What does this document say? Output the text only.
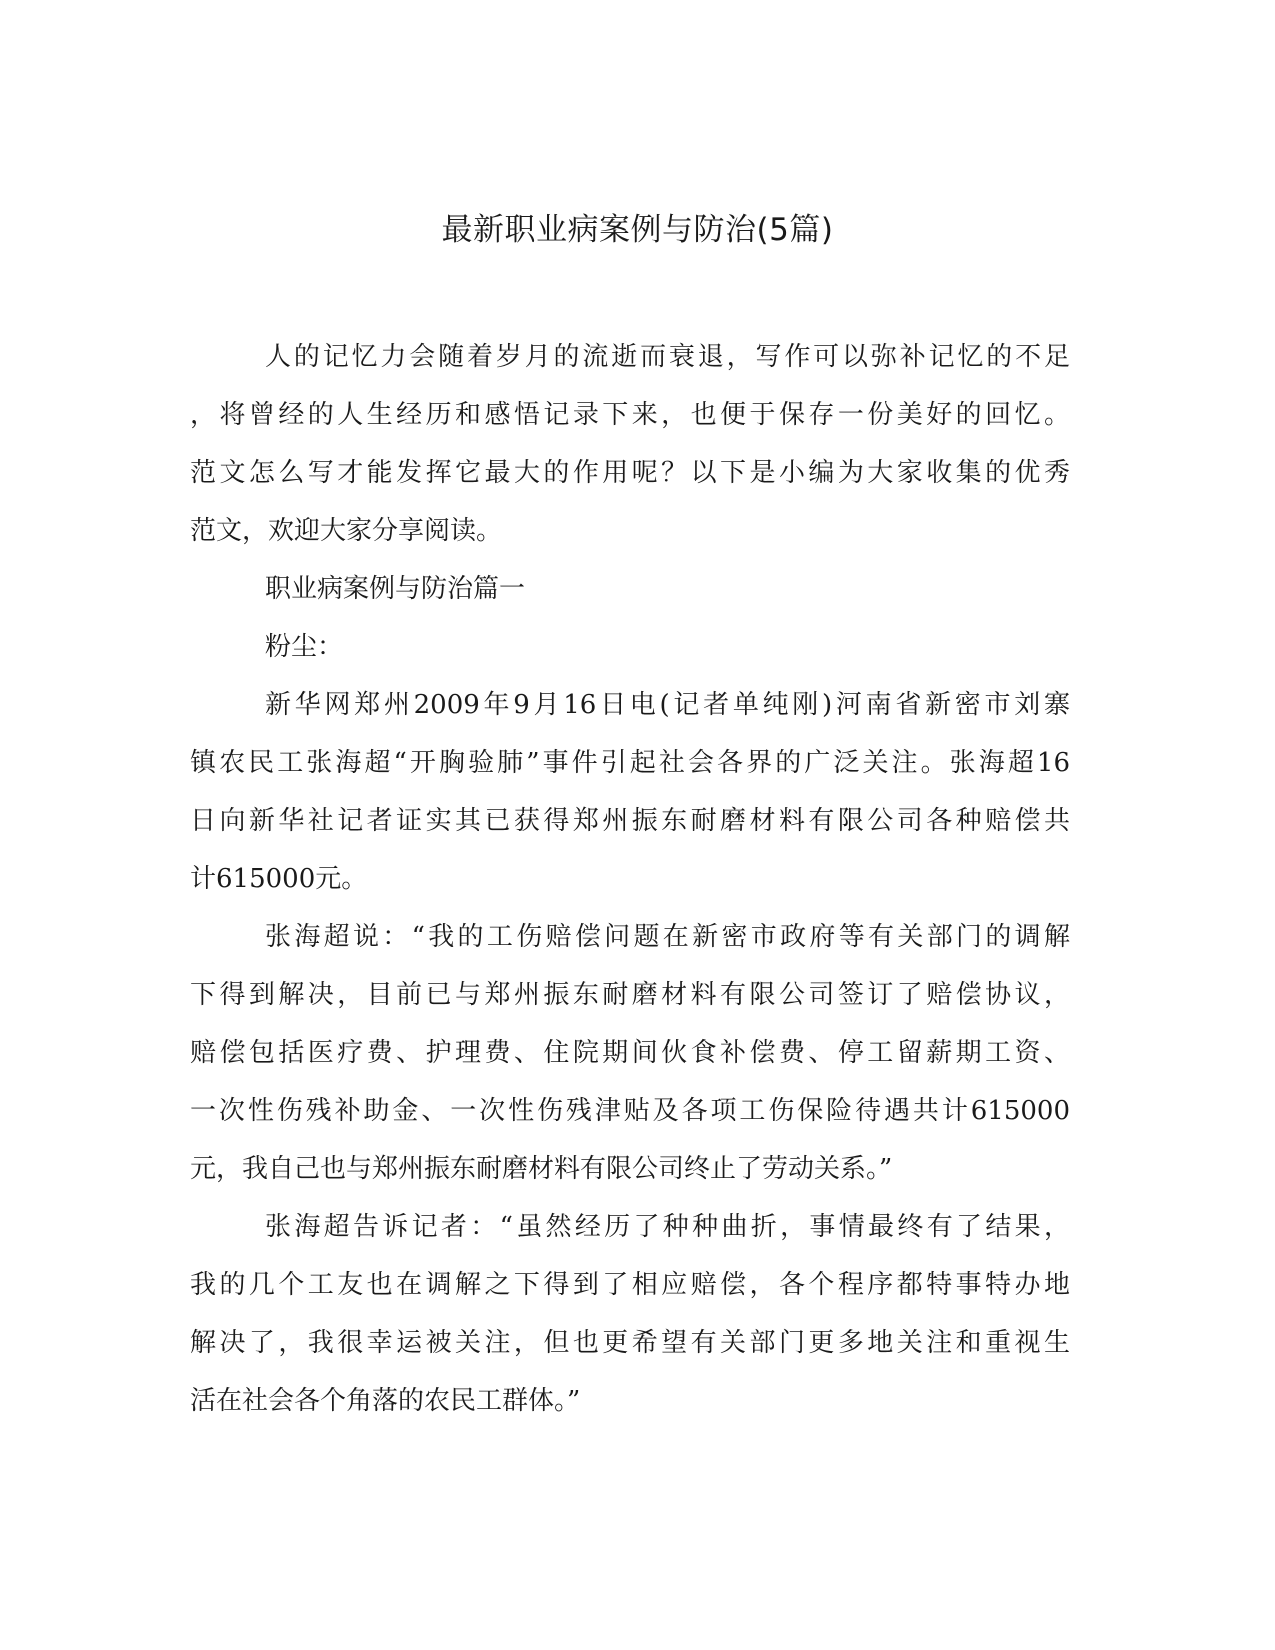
最新职业病案例与防治(5篇)
人的记忆力会随着岁月的流逝而衰退，写作可以弥补记忆的不足
，将曾经的人生经历和感悟记录下来，也便于保存一份美好的回忆。
范文怎么写才能发挥它最大的作用呢？以下是小编为大家收集的优秀
范文，欢迎大家分享阅读。
职业病案例与防治篇一
粉尘：
新华网郑州2009年9月16日电(记者单纯刚)河南省新密市刘寨
镇农民工张海超“开胸验肺”事件引起社会各界的广泛关注。张海超16
日向新华社记者证实其已获得郑州振东耐磨材料有限公司各种赔偿共
计615000元。
张海超说：“我的工伤赔偿问题在新密市政府等有关部门的调解
下得到解决，目前已与郑州振东耐磨材料有限公司签订了赔偿协议，
赔偿包括医疗费、护理费、住院期间伙食补偿费、停工留薪期工资、
一次性伤残补助金、一次性伤残津贴及各项工伤保险待遇共计615000
元，我自己也与郑州振东耐磨材料有限公司终止了劳动关系。”
张海超告诉记者：“虽然经历了种种曲折，事情最终有了结果，
我的几个工友也在调解之下得到了相应赔偿，各个程序都特事特办地
解决了，我很幸运被关注，但也更希望有关部门更多地关注和重视生
活在社会各个角落的农民工群体。”
